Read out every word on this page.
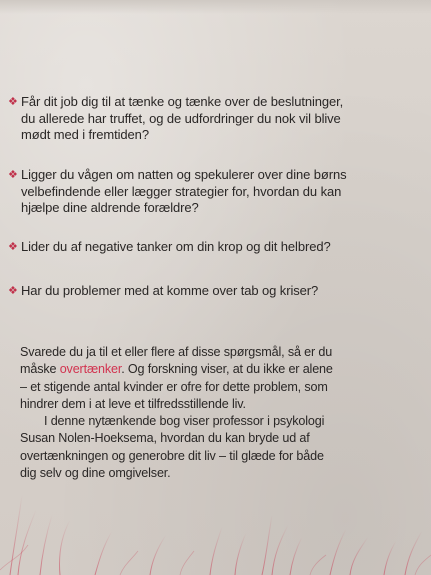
❖ Får dit job dig til at tænke og tænke over de beslutninger,
du allerede har truffet, og de udfordringer du nok vil blive
mødt med i fremtiden?
❖ Ligger du vågen om natten og spekulerer over dine børns
velbefindende eller lægger strategier for, hvordan du kan
hjælpe dine aldrende forældre?
❖ Lider du af negative tanker om din krop og dit helbred?
❖ Har du problemer med at komme over tab og kriser?

Svarede du ja til et eller flere af disse spørgsmål, så er du
måske overtænker. Og forskning viser, at du ikke er alene
– et stigende antal kvinder er ofre for dette problem, som
hindrer dem i at leve et tilfredsstillende liv.

I denne nytænkende bog viser professor i psykologi
Susan Nolen-Hoeksema, hvordan du kan bryde ud af
overtænkningen og generobre dit liv – til glæde for både
dig selv og dine omgivelser.
